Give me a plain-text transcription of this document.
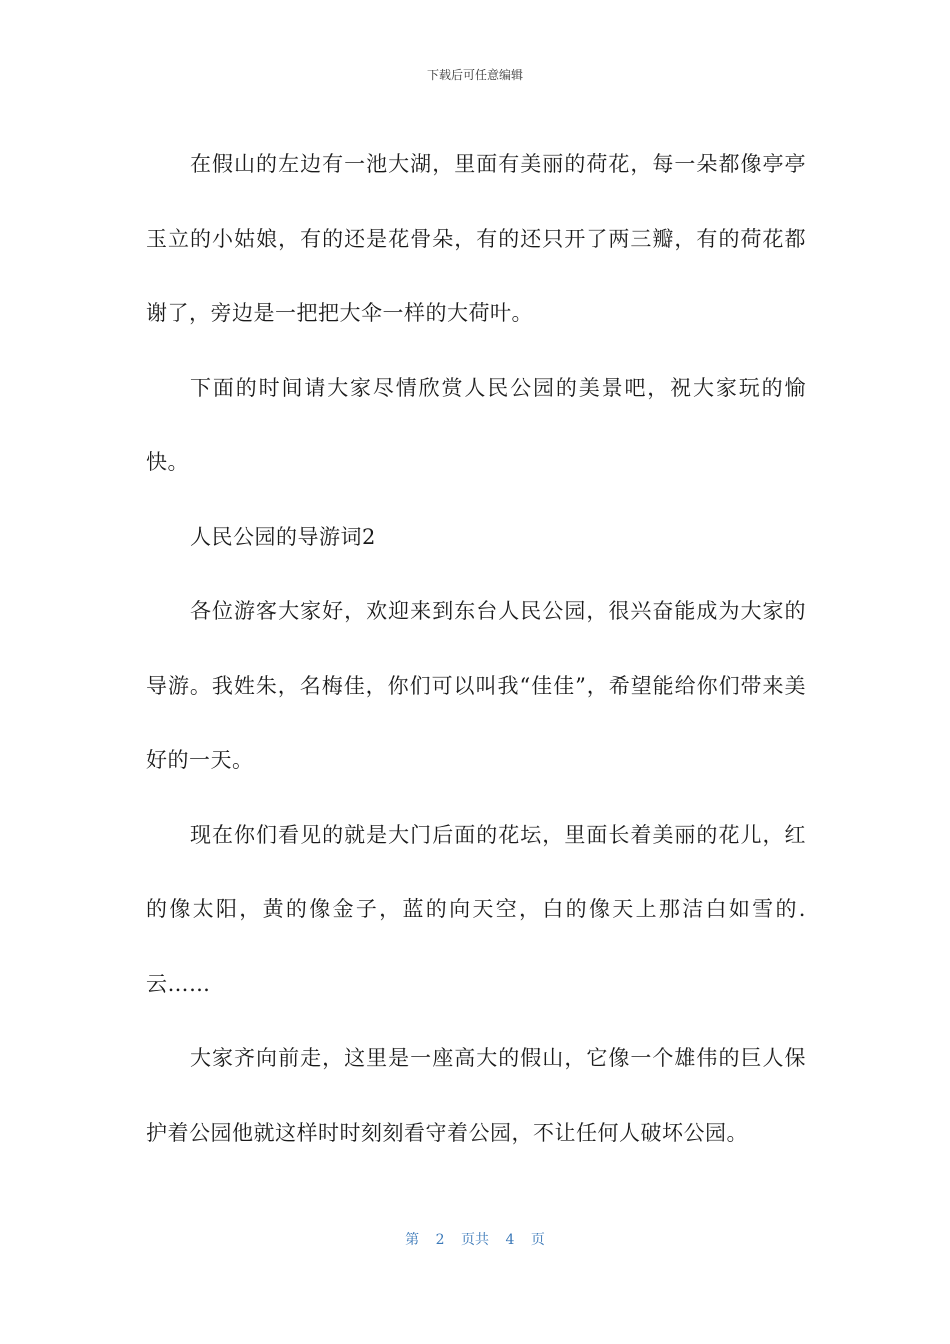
下载后可任意编辑

在假山的左边有一池大湖，里面有美丽的荷花，每一朵都像亭亭玉立的小姑娘，有的还是花骨朵，有的还只开了两三瓣，有的荷花都谢了，旁边是一把把大伞一样的大荷叶。

下面的时间请大家尽情欣赏人民公园的美景吧，祝大家玩的愉快。

人民公园的导游词2

各位游客大家好，欢迎来到东台人民公园，很兴奋能成为大家的导游。我姓朱，名梅佳，你们可以叫我“佳佳”，希望能给你们带来美好的一天。

现在你们看见的就是大门后面的花坛，里面长着美丽的花儿，红的像太阳，黄的像金子，蓝的向天空，白的像天上那洁白如雪的.云……

大家齐向前走，这里是一座高大的假山，它像一个雄伟的巨人保护着公园他就这样时时刻刻看守着公园，不让任何人破坏公园。

第 2 页共 4 页
